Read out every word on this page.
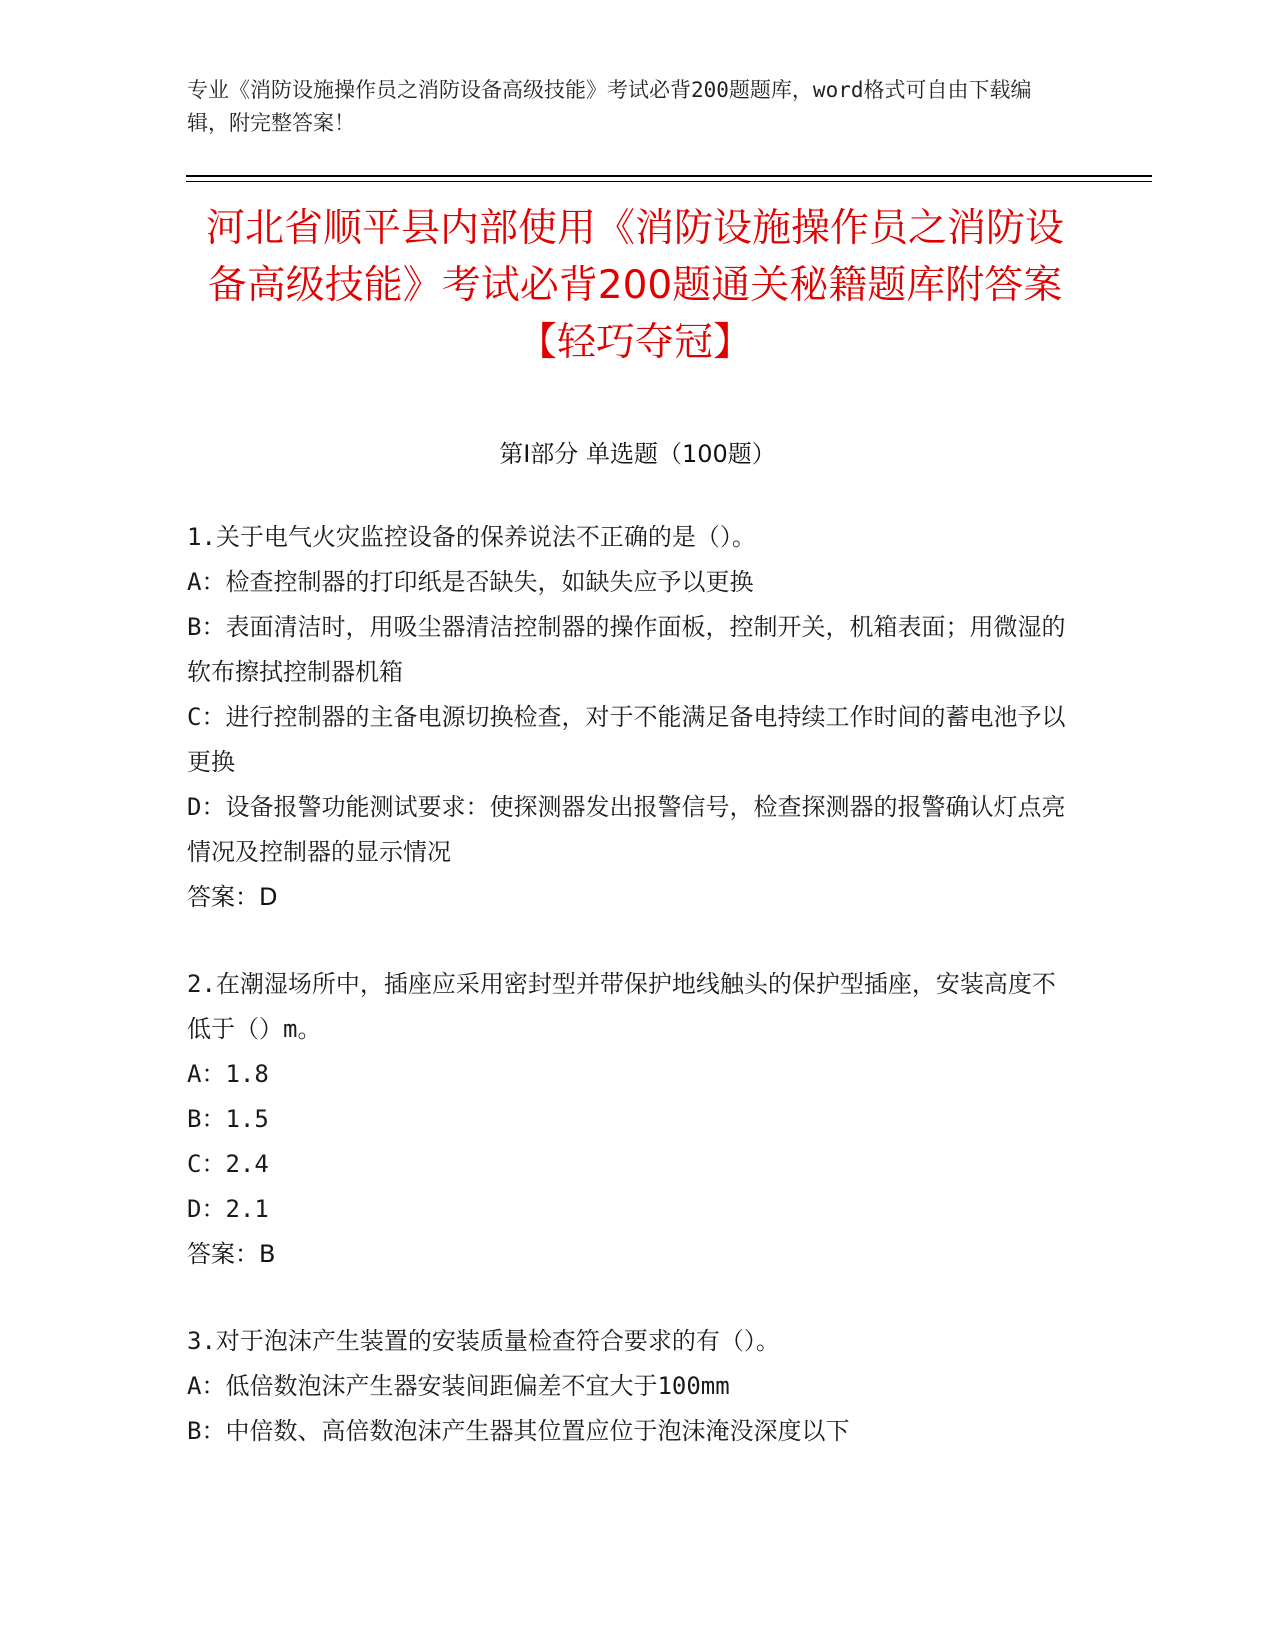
专业《消防设施操作员之消防设备高级技能》考试必背200题题库，word格式可自由下载编辑，附完整答案！
河北省顺平县内部使用《消防设施操作员之消防设备高级技能》考试必背200题通关秘籍题库附答案【轻巧夺冠】
第Ⅰ部分 单选题（100题）

1.关于电气火灾监控设备的保养说法不正确的是（）。

A：检查控制器的打印纸是否缺失，如缺失应予以更换

B：表面清洁时，用吸尘器清洁控制器的操作面板，控制开关，机箱表面；用微湿的软布擦拭控制器机箱

C：进行控制器的主备电源切换检查，对于不能满足备电持续工作时间的蓄电池予以更换

D：设备报警功能测试要求：使探测器发出报警信号，检查探测器的报警确认灯点亮情况及控制器的显示情况

答案：D

2.在潮湿场所中，插座应采用密封型并带保护地线触头的保护型插座，安装高度不低于（）m。

A：1.8

B：1.5

C：2.4

D：2.1

答案：B

3.对于泡沫产生装置的安装质量检查符合要求的有（）。

A：低倍数泡沫产生器安装间距偏差不宜大于100mm

B：中倍数、高倍数泡沫产生器其位置应位于泡沫淹没深度以下
